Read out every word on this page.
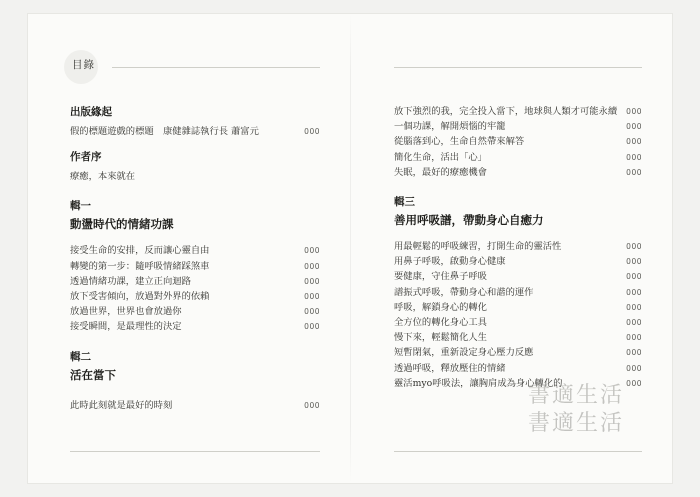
目錄
出版緣起
假的標題遊戲的標題　康健雜誌執行長 蕭富元	000
作者序
療癒，本來就在
輯一
動盪時代的情緒功課
接受生命的安排，反而讓心靈自由	000
轉變的第一步：隨呼吸情緒踩煞車	000
透過情緒功課，建立正向迴路	000
放下受害傾向，放過對外界的依賴	000
放過世界，世界也會放過你	000
接受瞬間，是最理性的決定	000
輯二
活在當下
此時此刻就是最好的時刻	000
放下強烈的我，完全投入當下，地球與人類才可能永續 000
一個功課，解開煩惱的牢籠	000
從腦落到心，生命自然帶來解答	000
簡化生命，活出「心」	000
失眠，最好的療癒機會	000
輯三
善用呼吸譜，帶動身心自癒力
用最輕鬆的呼吸練習，打開生命的靈活性	000
用鼻子呼吸，啟動身心健康	000
要健康，守住鼻子呼吸	000
譜振式呼吸，帶動身心和諧的運作	000
呼吸，解鎖身心的轉化	000
全方位的轉化身心工具	000
慢下來，輕鬆簡化人生	000
短暫閉氣，重新設定身心壓力反應	000
透過呼吸，釋放壓住的情緒	000
靈活myo呼吸法，讓胸肩成為身心轉化的	000
書適生活
書適生活
